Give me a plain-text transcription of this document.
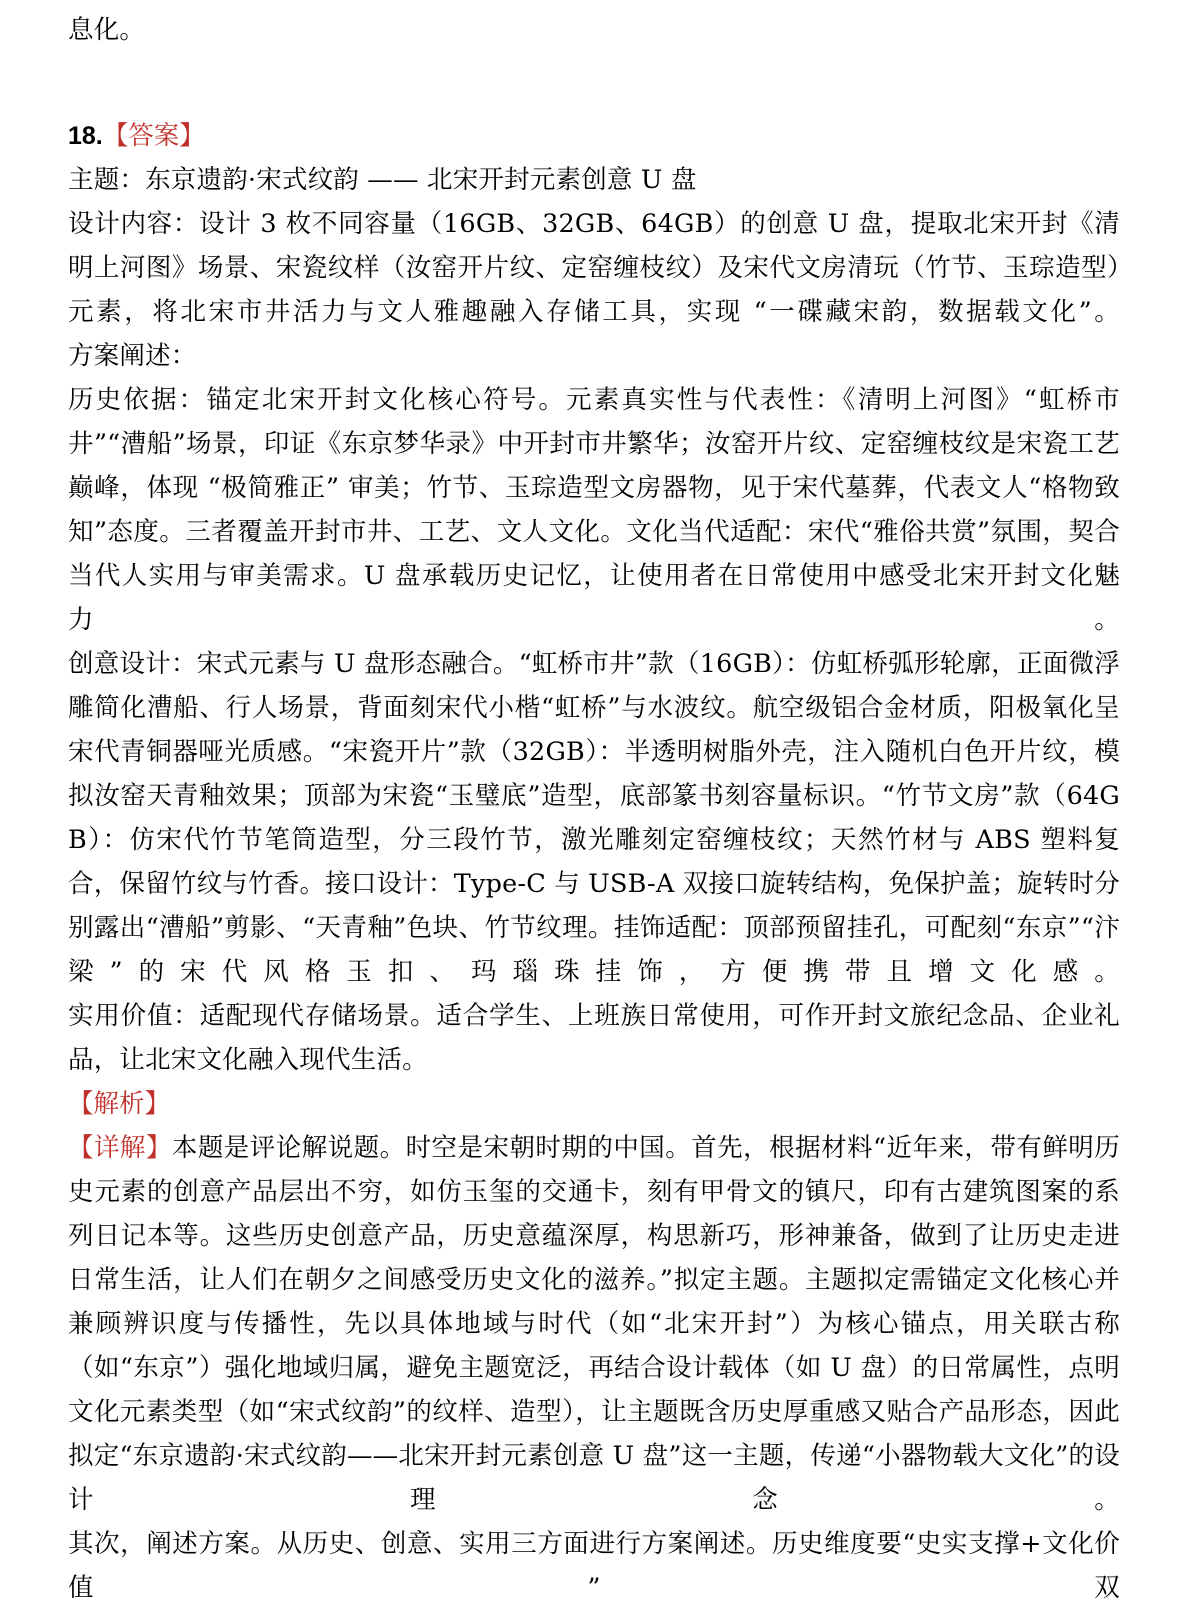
息化。

18.【答案】

主题：东京遗韵·宋式纹韵 —— 北宋开封元素创意 U 盘

设计内容：设计 3 枚不同容量（16GB、32GB、64GB）的创意 U 盘，提取北宋开封《清明上河图》场景、宋瓷纹样（汝窑开片纹、定窑缠枝纹）及宋代文房清玩（竹节、玉琮造型）元素，将北宋市井活力与文人雅趣融入存储工具，实现 “一碟藏宋韵，数据载文化”。

方案阐述：

历史依据：锚定北宋开封文化核心符号。元素真实性与代表性：《清明上河图》“虹桥市井”“漕船”场景，印证《东京梦华录》中开封市井繁华；汝窑开片纹、定窑缠枝纹是宋瓷工艺巅峰，体现 “极简雅正” 审美；竹节、玉琮造型文房器物，见于宋代墓葬，代表文人“格物致知”态度。三者覆盖开封市井、工艺、文人文化。文化当代适配：宋代“雅俗共赏”氛围，契合当代人实用与审美需求。U 盘承载历史记忆，让使用者在日常使用中感受北宋开封文化魅力。

创意设计：宋式元素与 U 盘形态融合。“虹桥市井”款（16GB）：仿虹桥弧形轮廓，正面微浮雕简化漕船、行人场景，背面刻宋代小楷“虹桥”与水波纹。航空级铝合金材质，阳极氧化呈宋代青铜器哑光质感。“宋瓷开片”款（32GB）：半透明树脂外壳，注入随机白色开片纹，模拟汝窑天青釉效果；顶部为宋瓷“玉璧底”造型，底部篆书刻容量标识。“竹节文房”款（64GB）：仿宋代竹节笔筒造型，分三段竹节，激光雕刻定窑缠枝纹；天然竹材与 ABS 塑料复合，保留竹纹与竹香。接口设计：Type-C 与 USB-A 双接口旋转结构，免保护盖；旋转时分别露出“漕船”剪影、“天青釉”色块、竹节纹理。挂饰适配：顶部预留挂孔，可配刻“东京”“汴梁”的宋代风格玉扣、玛瑙珠挂饰，方便携带且增文化感。

实用价值：适配现代存储场景。适合学生、上班族日常使用，可作开封文旅纪念品、企业礼品，让北宋文化融入现代生活。

【解析】

【详解】本题是评论解说题。时空是宋朝时期的中国。首先，根据材料“近年来，带有鲜明历史元素的创意产品层出不穷，如仿玉玺的交通卡，刻有甲骨文的镇尺，印有古建筑图案的系列日记本等。这些历史创意产品，历史意蕴深厚，构思新巧，形神兼备，做到了让历史走进日常生活，让人们在朝夕之间感受历史文化的滋养。”拟定主题。主题拟定需锚定文化核心并兼顾辨识度与传播性，先以具体地域与时代（如“北宋开封”）为核心锚点，用关联古称（如“东京”）强化地域归属，避免主题宽泛，再结合设计载体（如 U 盘）的日常属性，点明文化元素类型（如“宋式纹韵”的纹样、造型），让主题既含历史厚重感又贴合产品形态，因此拟定“东京遗韵·宋式纹韵——北宋开封元素创意 U 盘”这一主题，传递“小器物载大文化”的设计理念。

其次，阐述方案。从历史、创意、实用三方面进行方案阐述。历史维度要“史实支撑+文化价值”双
